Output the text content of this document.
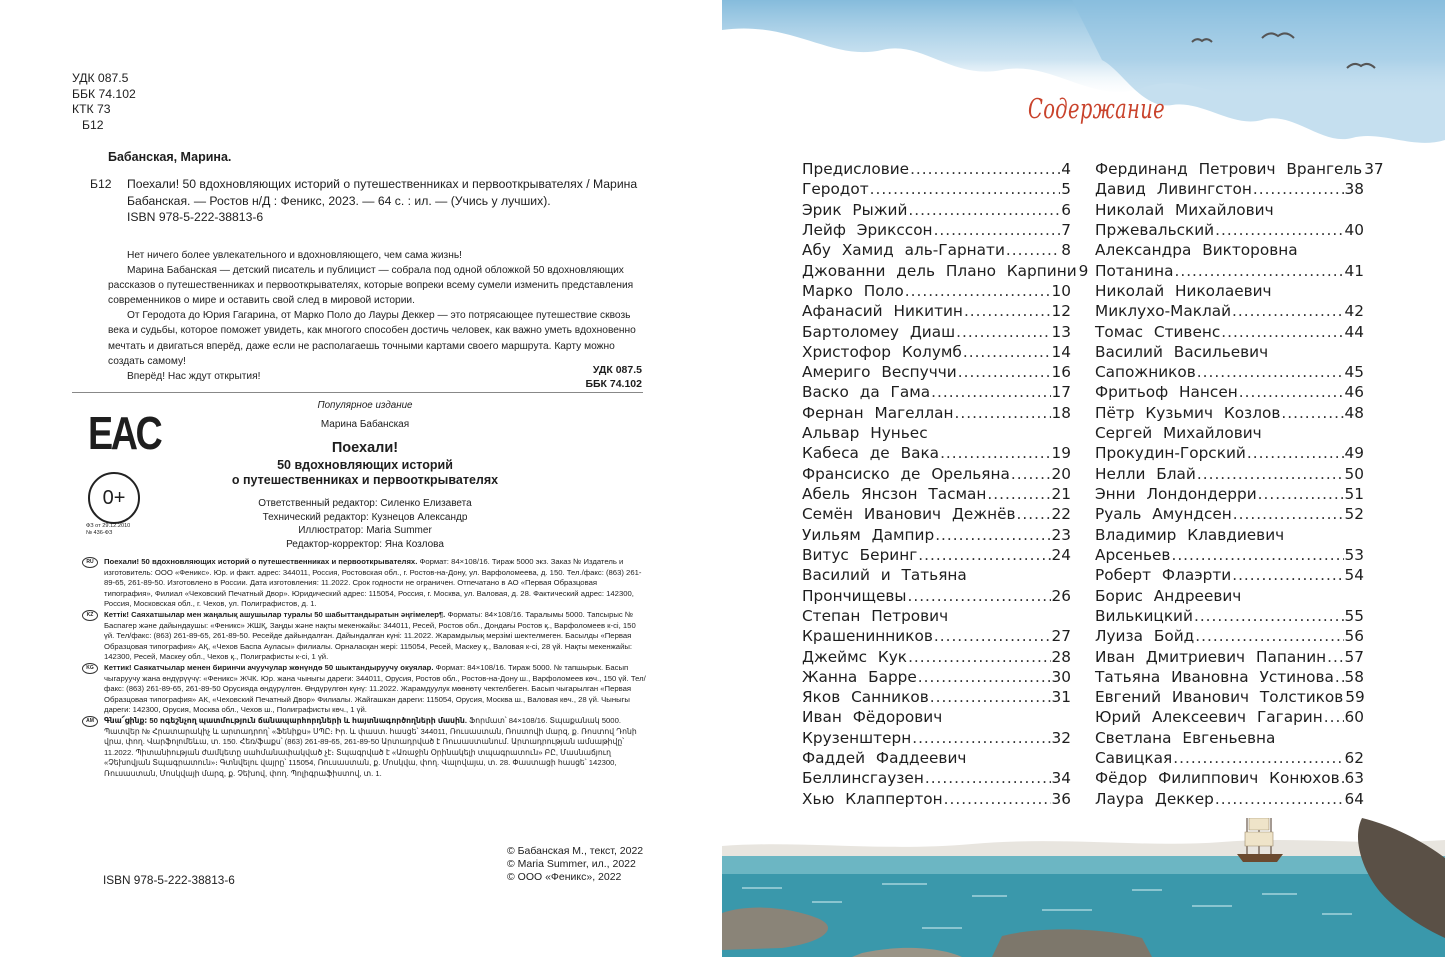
УДК 087.5
ББК 74.102
КТК 73
Б12
Бабанская, Марина.
Б12 Поехали! 50 вдохновляющих историй о путешественниках и первооткрывателях / Марина Бабанская. — Ростов н/Д : Феникс, 2023. — 64 с. : ил. — (Учись у лучших).
ISBN 978-5-222-38813-6

Нет ничего более увлекательного и вдохновляющего, чем сама жизнь!

Марина Бабанская — детский писатель и публицист — собрала под одной обложкой 50 вдохновляющих рассказов о путешественниках и первооткрывателях, которые вопреки всему сумели изменить представления современников о мире и оставить свой след в мировой истории.

От Геродота до Юрия Гагарина, от Марко Поло до Лауры Деккер — это потрясающее путешествие сквозь века и судьбы, которое поможет увидеть, как многого способен достичь человек, как важно уметь вдохновенно мечтать и двигаться вперёд, даже если не располагаешь точными картами своего маршрута. Карту можно создать самому!

Вперёд! Нас ждут открытия!

УДК 087.5
ББК 74.102
Популярное издание
Марина Бабанская
Поехали!
50 вдохновляющих историй
о путешественниках и первооткрывателях
Ответственный редактор: Силенко Елизавета
Технический редактор: Кузнецов Александр
Иллюстратор: Maria Summer
Редактор-корректор: Яна Козлова
EAC
0+
ФЗ от 29.12.2010
№ 436-ФЗ
RU	Поехали! 50 вдохновляющих историй о путешественниках и первооткрывателях. Формат: 84×108/16. Тираж 5000 экз. Заказ № Издатель и изготовитель: ООО «Феникс». Юр. и факт. адрес: 344011, Россия, Ростовская обл., г. Ростов-на-Дону, ул. Варфоломеева, д. 150. Тел./факс: (863) 261-89-65, 261-89-50. Изготовлено в России. Дата изготовления: 11.2022. Срок годности не ограничен. Отпечатано в АО «Первая Образцовая типография», Филиал «Чеховский Печатный Двор». Юридический адрес: 115054, Россия, г. Москва, ул. Валовая, д. 28. Фактический адрес: 142300, Россия, Московская обл., г. Чехов, ул. Полиграфистов, д. 1.
KZ	Кеттік! Саяхатшылар мен жаңалық ашушылар туралы 50 шабыттандыратын әңгімелер¶. Форматы: 84×108/16. Таралымы 5000. Тапсырыс № Баспагер және дайындаушы: «Феникс» ЖШҚ, Заңды және нақты мекенжайы: 344011, Ресей, Ростов обл., Дондағы Ростов қ., Варфоломеев к-сі, 150 үй. Тел/факс: (863) 261-89-65, 261-89-50. Ресейде дайындалған. Дайындалған күні: 11.2022. Жарамдылық мерзімі шектелмеген. Басылды «Первая Образцовая типография» АҚ, «Чехов Баспа Ауласы» филиалы. Орналасқан жері: 115054, Ресей, Маскеу қ., Валовая к-сі, 28 үй. Нақты мекенжайы: 142300, Ресей, Маскеу обл., Чехов қ., Полиграфисты к-сі, 1 үй.
KG	Кеттик! Саякатчылар менен биринчи ачуучулар жөнүндө 50 шыктандыруучу окуялар. Формат: 84×108/16. Тираж 5000. № тапшырык. Басып чыгаруучу жана өндүрүүчү: «Феникс» ЖЧК. Юр. жана чыныгы дареги: 344011, Орусия, Ростов обл., Ростов-на-Дону ш., Варфоломеев көч., 150 үй. Тел/факс: (863) 261-89-65, 261-89-50 Орусияда өндүрүлгөн. Өндүрүлгөн күнү: 11.2022. Жарамдуулук мөөнөтү чектелбеген. Басып чыгарылган «Первая Образцовая типография» АК, «Чеховский Печатный Двор» Филиалы. Жайгашкан дареги: 115054, Орусия, Москва ш., Валовая көч., 28 үй. Чыныгы дареги: 142300, Орусия, Москва обл., Чехов ш., Полиграфисты көч., 1 үй.
AM	Գնա՜ցինք։ 50 ոգեշնչող պատմություն ճանապարհորդների և հայտնագործողների մասին. Ֆորմատ՝ 84×108/16. Տպաքանակ 5000. Պատվեր № Հրատարակիչ և արտադրող՝ «Ֆենիքս» ՍՊԸ։ Իր. և փաստ. հասցե՝ 344011, Ռուսաստան, Ռոստովի մարզ, ք. Ռոստով Դոնի վրա, փող. Վարֆոլոմեևա, տ. 150. Հեռ/ֆաքս՝ (863) 261-89-65, 261-89-50 Արտադրված է Ռուսաստանում. Արտադրության ամսաթիվը՝ 11.2022. Պիտանիության ժամկետը սահմանափակված չէ։ Տպագրված է «Առաջին Օրինակելի տպագրատուն» ԲԸ, Մասնաճյուղ «Չեխովյան Տպագրատուն»։ Գտնվելու վայրը՝ 115054, Ռուսաստան, ք. Մոսկվա, փող. Վալովայա, տ. 28. Փաստացի հասցե՝ 142300, Ռուսաստան, Մոսկվայի մարզ, ք. Չեխով, փող. Պոլիգրաֆիստով, տ. 1.
© Бабанская М., текст, 2022
© Maria Summer, ил., 2022
© ООО «Феникс», 2022
ISBN 978-5-222-38813-6
Содержание
Предисловие .....	4
Геродот .....	5
Эрик Рыжий .....	6
Лейф Эрикссон .....	7
Абу Хамид аль-Гарнати .....	8
Джованни дель Плано Карпини 9
Марко Поло .....	10
Афанасий Никитин .....	12
Бартоломеу Диаш .....	13
Христофор Колумб .....	14
Америго Веспуччи .....	16
Васко да Гама .....	17
Фернан Магеллан .....	18
Альвар Нуньес
Кабеса де Вака .....	19
Франсиско де Орельяна .....	20
Абель Янсзон Тасман .....	21
Семён Иванович Дежнёв ..... 22
Уильям Дампир .....	23
Витус Беринг .....	24
Василий и Татьяна
Прончищевы .....	26
Степан Петрович
Крашенинников .....	27
Джеймс Кук .....	28
Жанна Барре .....	30
Яков Санников .....	31
Иван Фёдорович
Крузенштерн .....	32
Фаддей Фаддеевич
Беллинсгаузен .....	34
Хью Клаппертон .....	36
Фердинанд Петрович Врангель 37
Давид Ливингстон .....	38
Николай Михайлович
Пржевальский .....	40
Александра Викторовна
Потанина .....	41
Николай Николаевич
Миклухо-Маклай .....	42
Томас Стивенс .....	44
Василий Васильевич
Сапожников .....	45
Фритьоф Нансен .....	46
Пётр Кузьмич Козлов .....	48
Сергей Михайлович
Прокудин-Горский .....	49
Нелли Блай .....	50
Энни Лондондерри .....	51
Руаль Амундсен .....	52
Владимир Клавдиевич
Арсеньев .....	53
Роберт Флаэрти .....	54
Борис Андреевич
Вилькицкий .....	55
Луиза Бойд .....	56
Иван Дмитриевич Папанин ..... 57
Татьяна Ивановна Устинова ..... 58
Евгений Иванович Толстиков 59
Юрий Алексеевич Гагарин ..... 60
Светлана Евгеньевна
Савицкая .....	62
Фёдор Филиппович Конюхов ..... 63
Лаура Деккер .....	64
